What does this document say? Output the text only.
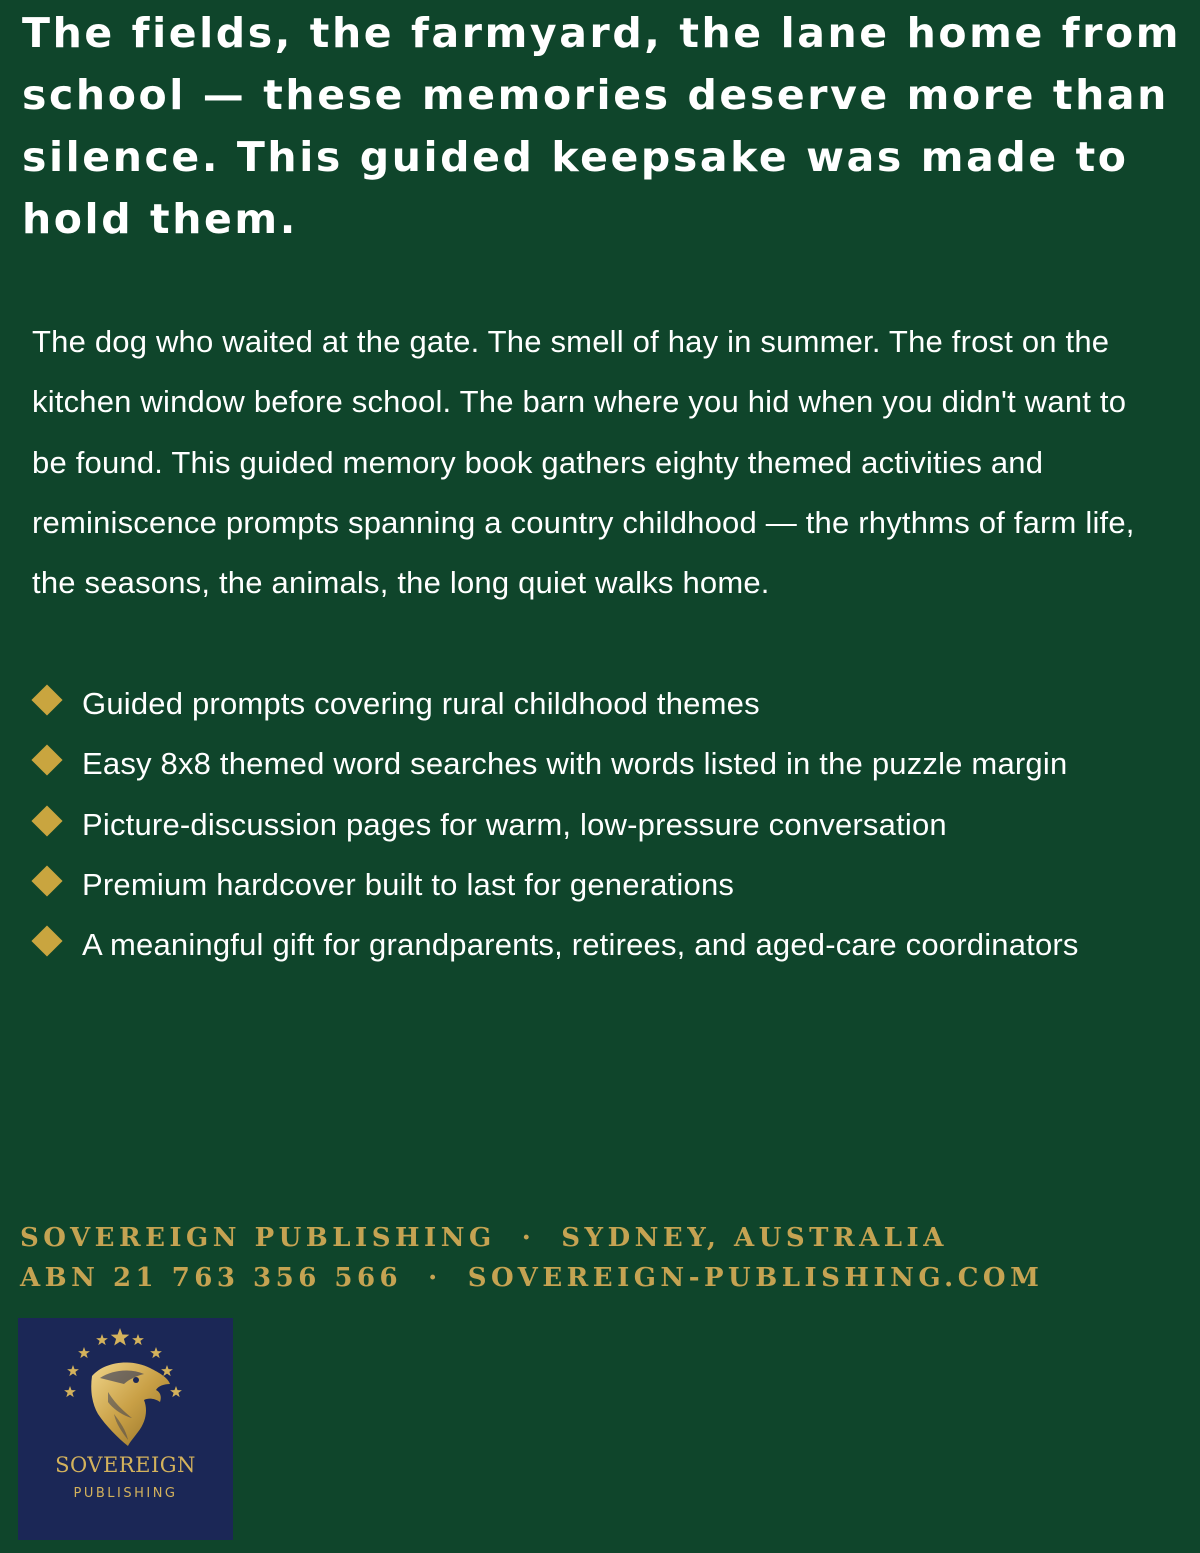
The fields, the farmyard, the lane home from school — these memories deserve more than silence. This guided keepsake was made to hold them.

The dog who waited at the gate. The smell of hay in summer. The frost on the kitchen window before school. The barn where you hid when you didn't want to be found. This guided memory book gathers eighty themed activities and reminiscence prompts spanning a country childhood — the rhythms of farm life, the seasons, the animals, the long quiet walks home.

Guided prompts covering rural childhood themes
Easy 8x8 themed word searches with words listed in the puzzle margin
Picture-discussion pages for warm, low-pressure conversation
Premium hardcover built to last for generations
A meaningful gift for grandparents, retirees, and aged-care coordinators
SOVEREIGN PUBLISHING · SYDNEY, AUSTRALIA
ABN 21 763 356 566 · SOVEREIGN-PUBLISHING.COM
SOVEREIGN
PUBLISHING
